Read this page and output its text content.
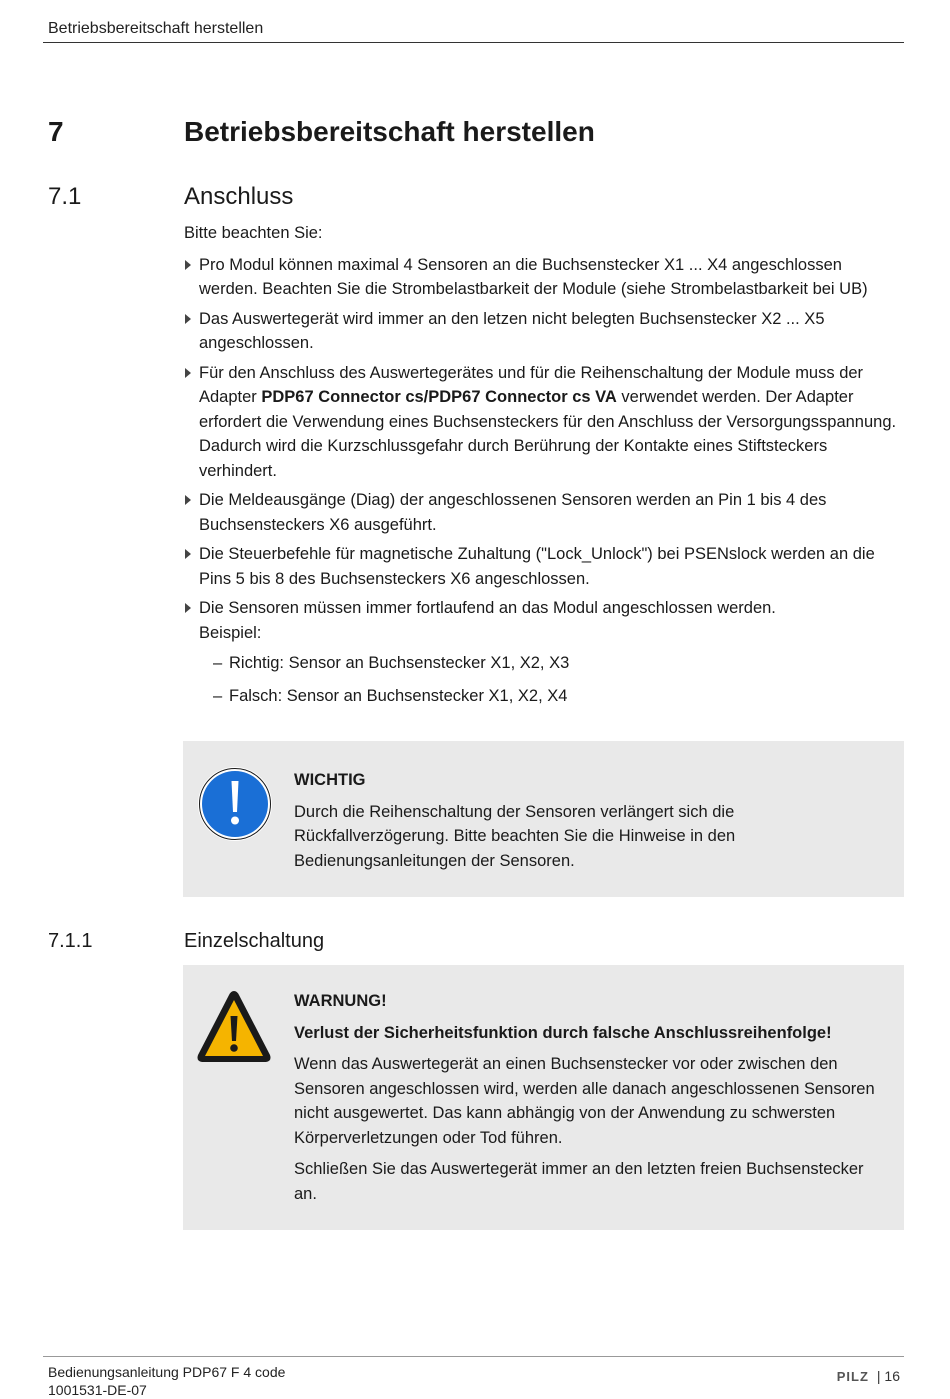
Betriebsbereitschaft herstellen
7	Betriebsbereitschaft herstellen
7.1	Anschluss

Bitte beachten Sie:

Pro Modul können maximal 4 Sensoren an die Buchsenstecker X1 ... X4 angeschlossen werden. Beachten Sie die Strombelastbarkeit der Module (siehe Strombelastbarkeit bei UB)
Das Auswertegerät wird immer an den letzen nicht belegten Buchsenstecker X2 ... X5 angeschlossen.
Für den Anschluss des Auswertegerätes und für die Reihenschaltung der Module muss der Adapter PDP67 Connector cs/PDP67 Connector cs VA verwendet werden. Der Adapter erfordert die Verwendung eines Buchsensteckers für den Anschluss der Versorgungsspannung. Dadurch wird die Kurzschlussgefahr durch Berührung der Kontakte eines Stiftsteckers verhindert.
Die Meldeausgänge (Diag) der angeschlossenen Sensoren werden an Pin 1 bis 4 des Buchsensteckers X6 ausgeführt.
Die Steuerbefehle für magnetische Zuhaltung ("Lock_Unlock") bei PSENslock werden an die Pins 5 bis 8 des Buchsensteckers X6 angeschlossen.
Die Sensoren müssen immer fortlaufend an das Modul angeschlossen werden.
Beispiel:
– Richtig: Sensor an Buchsenstecker X1, X2, X3
– Falsch: Sensor an Buchsenstecker X1, X2, X4

WICHTIG

Durch die Reihenschaltung der Sensoren verlängert sich die Rückfallverzögerung. Bitte beachten Sie die Hinweise in den Bedienungsanleitungen der Sensoren.

7.1.1	Einzelschaltung

WARNUNG!

Verlust der Sicherheitsfunktion durch falsche Anschlussreihenfolge!

Wenn das Auswertegerät an einen Buchsenstecker vor oder zwischen den Sensoren angeschlossen wird, werden alle danach angeschlossenen Sensoren nicht ausgewertet. Das kann abhängig von der Anwendung zu schwersten Körperverletzungen oder Tod führen.

Schließen Sie das Auswertegerät immer an den letzten freien Buchsenstecker an.

Bedienungsanleitung PDP67 F 4 code
1001531-DE-07
PILZ | 16
